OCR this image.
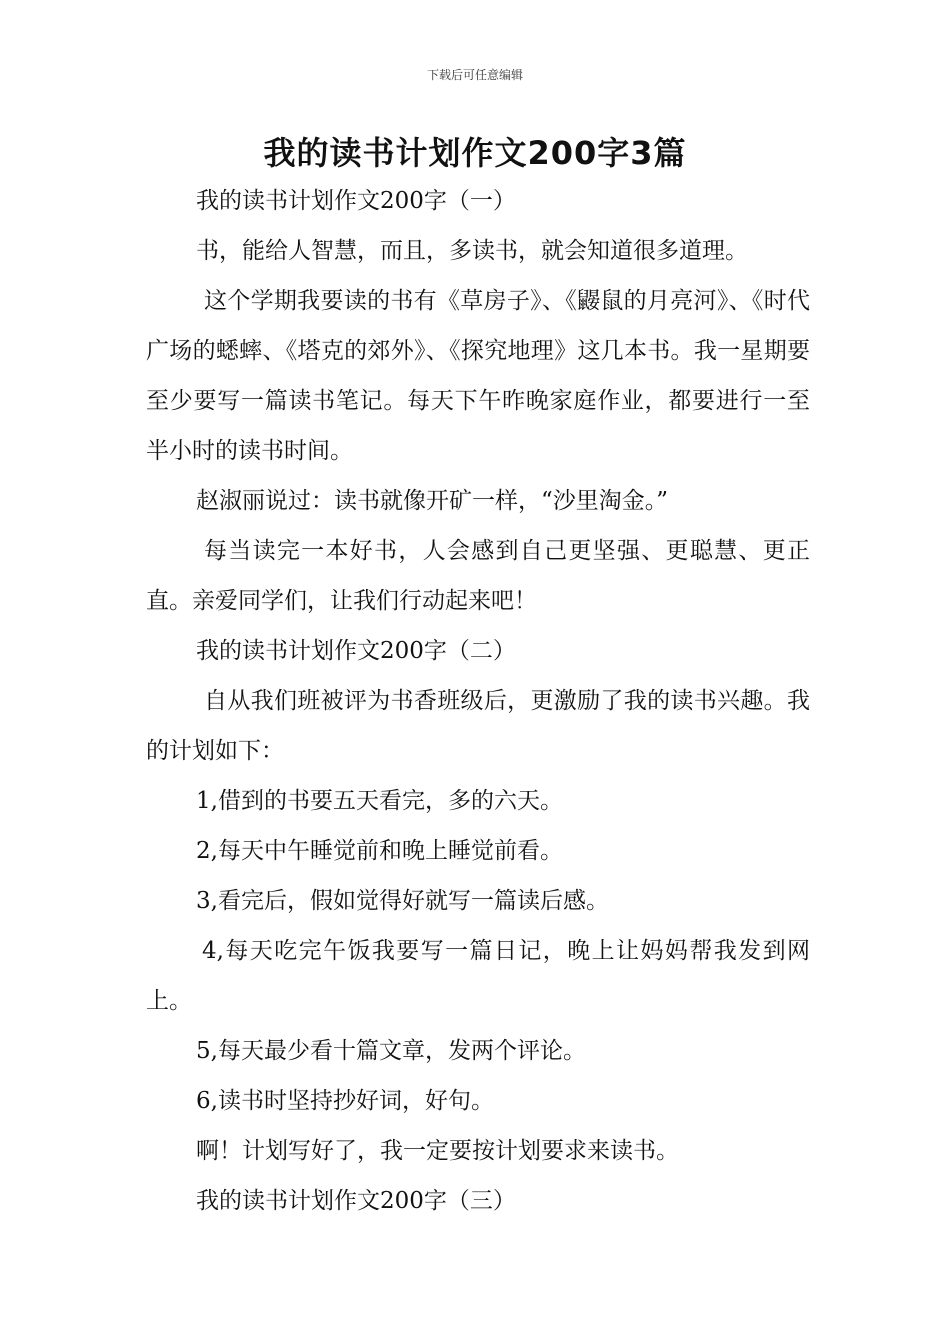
下载后可任意编辑
我的读书计划作文200字3篇

我的读书计划作文200字（一）

书，能给人智慧，而且，多读书，就会知道很多道理。

这个学期我要读的书有《草房子》、《鼹鼠的月亮河》、《时代广场的蟋蟀、《塔克的郊外》、《探究地理》这几本书。我一星期要至少要写一篇读书笔记。每天下午昨晚家庭作业，都要进行一至半小时的读书时间。

赵淑丽说过：读书就像开矿一样，“沙里淘金。”

每当读完一本好书，人会感到自己更坚强、更聪慧、更正直。亲爱同学们，让我们行动起来吧！

我的读书计划作文200字（二）

自从我们班被评为书香班级后，更激励了我的读书兴趣。我的计划如下：

1,借到的书要五天看完，多的六天。

2,每天中午睡觉前和晚上睡觉前看。

3,看完后，假如觉得好就写一篇读后感。

4,每天吃完午饭我要写一篇日记，晚上让妈妈帮我发到网上。

5,每天最少看十篇文章，发两个评论。

6,读书时坚持抄好词，好句。

啊！计划写好了，我一定要按计划要求来读书。

我的读书计划作文200字（三）
